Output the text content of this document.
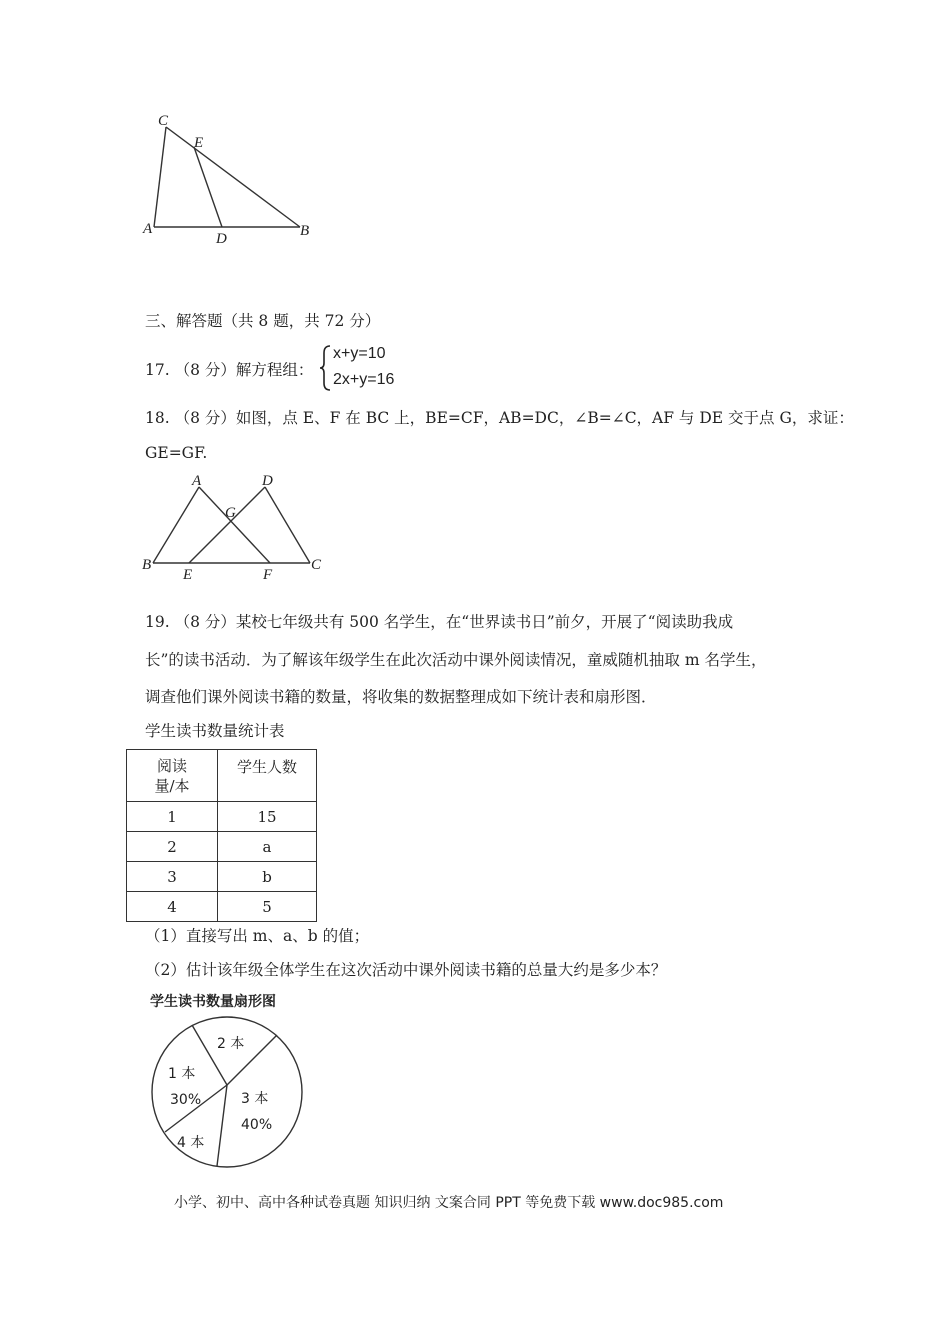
C
E
A
D	B
三、解答题（共 8 题，共 72 分）
17. （8 分）解方程组：
x+y=10
2x+y=16
18. （8 分）如图，点 E、F 在 BC 上，BE=CF，AB=DC，∠B=∠C，AF 与 DE 交于点 G，求证：
GE=GF.
A	D
G
B
E	F
C
19. （8 分）某校七年级共有 500 名学生，在“世界读书日”前夕，开展了“阅读助我成
长”的读书活动．为了解该年级学生在此次活动中课外阅读情况，童威随机抽取 m 名学生，
调查他们课外阅读书籍的数量，将收集的数据整理成如下统计表和扇形图．
学生读书数量统计表
阅读
量/本	学生人数
1	15
2	a
3	b
4	5
（1）直接写出 m、a、b 的值；
（2）估计该年级全体学生在这次活动中课外阅读书籍的总量大约是多少本？
学生读书数量扇形图
2 本
1 本
30%	3 本
40%
4 本
小学、初中、高中各种试卷真题 知识归纳 文案合同 PPT 等免费下载 www.doc985.com
